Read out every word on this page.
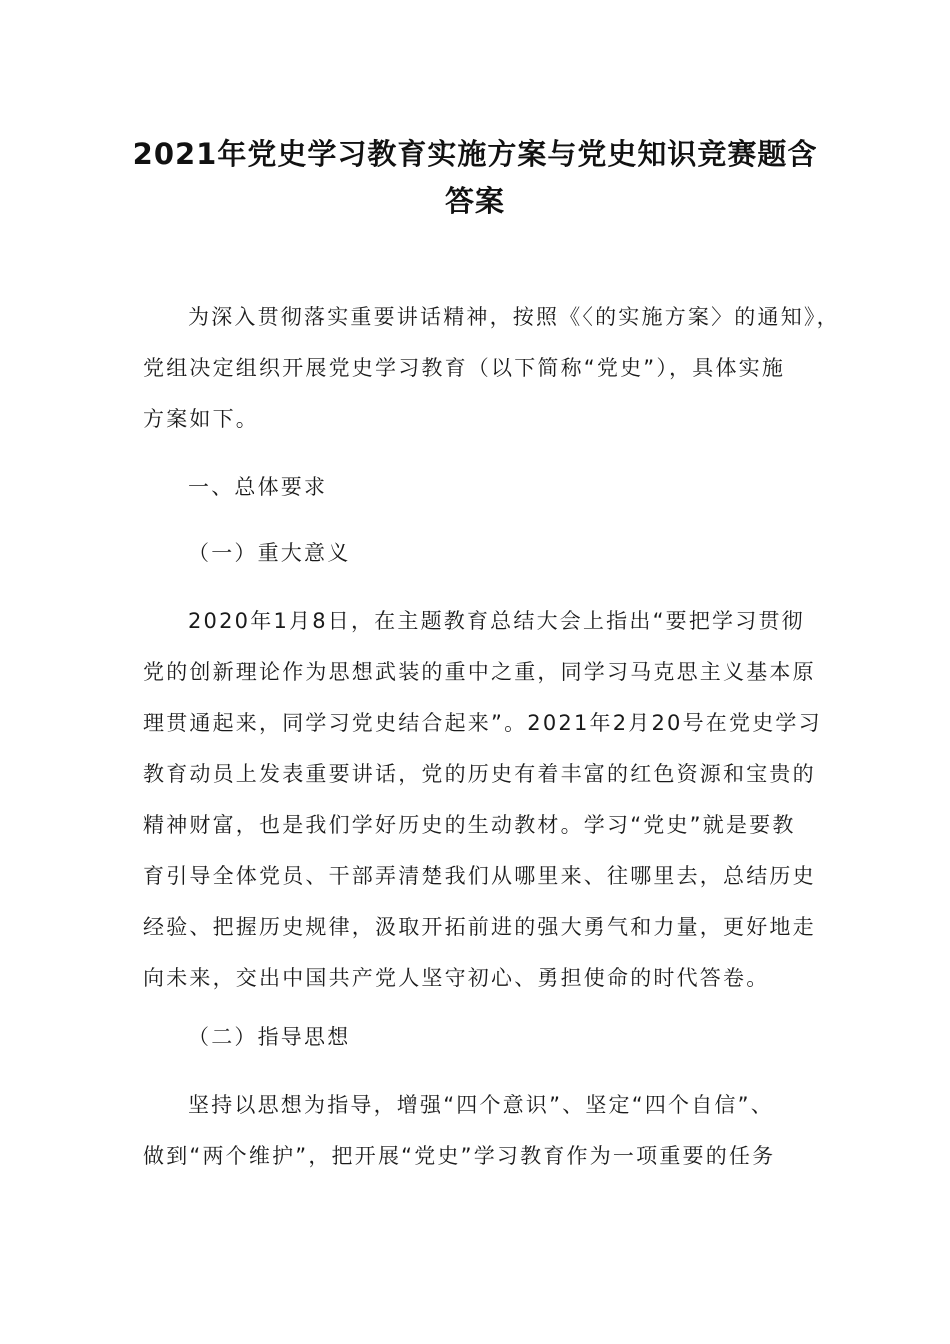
2021年党史学习教育实施方案与党史知识竞赛题含
答案
为深入贯彻落实重要讲话精神，按照《〈的实施方案〉的通知》，
党组决定组织开展党史学习教育（以下简称“党史”），具体实施
方案如下。
一、总体要求
（一）重大意义
2020年1月8日，在主题教育总结大会上指出“要把学习贯彻
党的创新理论作为思想武装的重中之重，同学习马克思主义基本原
理贯通起来，同学习党史结合起来”。2021年2月20号在党史学习
教育动员上发表重要讲话，党的历史有着丰富的红色资源和宝贵的
精神财富，也是我们学好历史的生动教材。学习“党史”就是要教
育引导全体党员、干部弄清楚我们从哪里来、往哪里去，总结历史
经验、把握历史规律，汲取开拓前进的强大勇气和力量，更好地走
向未来，交出中国共产党人坚守初心、勇担使命的时代答卷。
（二）指导思想
坚持以思想为指导，增强“四个意识”、坚定“四个自信”、
做到“两个维护”，把开展“党史”学习教育作为一项重要的任务
